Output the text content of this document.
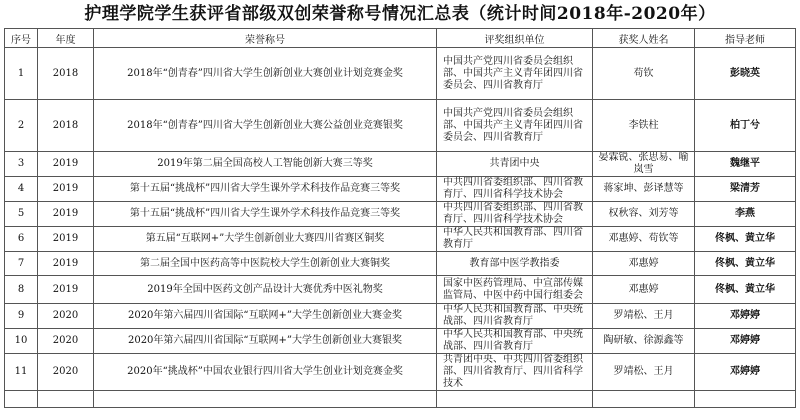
护理学院学生获评省部级双创荣誉称号情况汇总表（统计时间2018年-2020年）
序号	年度	荣誉称号	评奖组织单位	获奖人姓名	指导老师
1	2018	2018年“创青春”四川省大学生创新创业大赛创业计划竞赛金奖	中国共产党四川省委员会组织部、中国共产主义青年团四川省委员会、四川省教育厅	苟钦	彭晓英
2	2018	2018年“创青春”四川省大学生创新创业大赛公益创业竞赛银奖	中国共产党四川省委员会组织部、中国共产主义青年团四川省委员会、四川省教育厅	李铁柱	柏丁兮
3	2019	2019年第二届全国高校人工智能创新大赛三等奖	共青团中央	晏霖锐、张思易、喻岚雪	魏继平
4	2019	第十五届“挑战杯”四川省大学生课外学术科技作品竞赛三等奖	中共四川省委组织部、四川省教育厅、四川省科学技术协会	蒋家坤、彭译慧等	梁清芳
5	2019	第十五届“挑战杯”四川省大学生课外学术科技作品竞赛三等奖	中共四川省委组织部、四川省教育厅、四川省科学技术协会	权秋容、刘芳等	李燕
6	2019	第五届“互联网+”大学生创新创业大赛四川省赛区铜奖	中华人民共和国教育部、四川省教育厅	邓惠婷、苟钦等	佟枫、黄立华
7	2019	第二届全国中医药高等中医院校大学生创新创业大赛铜奖	教育部中医学教指委	邓惠婷	佟枫、黄立华
8	2019	2019年全国中医药文创产品设计大赛优秀中医礼物奖	国家中医药管理局、中宣部传媒监管局、中医中药中国行组委会	邓惠婷	佟枫、黄立华
9	2020	2020年第六届四川省国际“互联网+”大学生创新创业大赛金奖	中华人民共和国教育部、中央统战部、四川省教育厅	罗靖松、王月	邓婷婷
10	2020	2020年第六届四川省国际“互联网+”大学生创新创业大赛银奖	中华人民共和国教育部、中央统战部、四川省教育厅	陶研敏、徐源鑫等	邓婷婷
11	2020	2020年“挑战杯”中国农业银行四川省大学生创业计划竞赛金奖	共青团中央、中共四川省委组织部、四川省教育厅、四川省科学技术	罗靖松、王月	邓婷婷
